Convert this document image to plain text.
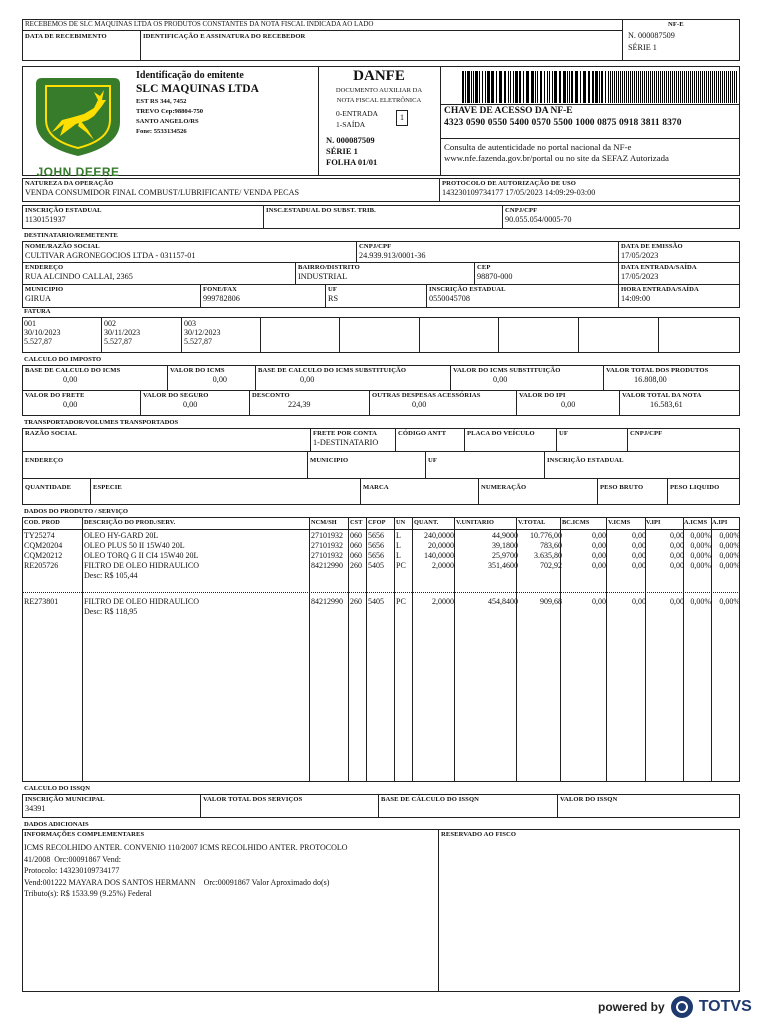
RECEBEMOS DE SLC MAQUINAS LTDA OS PRODUTOS CONSTANTES DA NOTA FISCAL INDICADA AO LADO
DATA DE RECEBIMENTO	IDENTIFICAÇÃO E ASSINATURA DO RECEBEDOR
NF-E
N. 000087509
SÉRIE 1
JOHN DEERE
Identificação do emitente
SLC MAQUINAS LTDA
EST RS 344, 7452
TREVO Cep:98804-750
SANTO ANGELO/RS
Fone: 5533134526
DANFE
DOCUMENTO AUXILIAR DA
NOTA FISCAL ELETRÔNICA
0-ENTRADA
1-SAÍDA
1
N. 000087509
SÉRIE 1
FOLHA 01/01
CHAVE DE ACESSO DA NF-E
4323 0590 0550 5400 0570 5500 1000 0875 0918 3811 8370
Consulta de autenticidade no portal nacional da NF-e
www.nfe.fazenda.gov.br/portal ou no site da SEFAZ Autorizada
NATUREZA DA OPERAÇÃO
VENDA CONSUMIDOR FINAL COMBUST/LUBRIFICANTE/ VENDA PECAS
PROTOCOLO DE AUTORIZAÇÃO DE USO
143230109734177 17/05/2023 14:09:29-03:00
INSCRIÇÃO ESTADUAL
1130151937
INSC.ESTADUAL DO SUBST. TRIB.	CNPJ/CPF
90.055.054/0005-70
DESTINATARIO/REMETENTE
NOME/RAZÃO SOCIAL
CULTIVAR AGRONEGOCIOS LTDA - 031157-01
CNPJ/CPF
24.939.913/0001-36
DATA DE EMISSÃO
17/05/2023
ENDEREÇO
RUA ALCINDO CALLAI, 2365
BAIRRO/DISTRITO
INDUSTRIAL
CEP
98870-000
DATA ENTRADA/SAÍDA
17/05/2023
MUNICIPIO
GIRUA
FONE/FAX
999782806
UF
RS
INSCRIÇÃO ESTADUAL
0550045708
HORA ENTRADA/SAÍDA
14:09:00
FATURA
001
30/10/2023
5.527,87
002
30/11/2023
5.527,87
003
30/12/2023
5.527,87
CALCULO DO IMPOSTO
BASE DE CALCULO DO ICMS
0,00
VALOR DO ICMS
0,00
BASE DE CALCULO DO ICMS SUBSTITUIÇÃO
0,00
VALOR DO ICMS SUBSTITUIÇÃO
0,00
VALOR TOTAL DOS PRODUTOS
16.808,00
VALOR DO FRETE
0,00
VALOR DO SEGURO
0,00
DESCONTO
224,39
OUTRAS DESPESAS ACESSÓRIAS
0,00
VALOR DO IPI
0,00
VALOR TOTAL DA NOTA
16.583,61
TRANSPORTADOR/VOLUMES TRANSPORTADOS
RAZÃO SOCIAL	FRETE POR CONTA
1-DESTINATARIO
CÓDIGO ANTT	PLACA DO VEÍCULO	UF	CNPJ/CPF
ENDEREÇO	MUNICIPIO	UF	INSCRIÇÃO ESTADUAL
QUANTIDADE	ESPECIE	MARCA	NUMERAÇÃO	PESO BRUTO	PESO LIQUIDO
DADOS DO PRODUTO / SERVIÇO
COD. PROD	DESCRIÇÃO DO PROD./SERV.	NCM/SH	CST CFOP	UN	QUANT.	V.UNITARIO	V.TOTAL	BC.ICMS	V.ICMS	V.IPI	A.ICMS A.IPI
TY25274	OLEO HY-GARD 20L	27101932 060 5656	L	240,0000	44,9000	10.776,00	0,00	0,00	0,00 0,00%	0,00%
CQM20204	OLEO PLUS 50 II 15W40 20L	27101932 060 5656	L	20,0000	39,1800	783,60	0,00	0,00	0,00 0,00%	0,00%
CQM20212	OLEO TORQ G II CI4 15W40 20L	27101932 060 5656	L	140,0000	25,9700	3.635,80	0,00	0,00	0,00 0,00%	0,00%
RE205726	FILTRO DE OLEO HIDRAULICO	84212990 260 5405	PC	2,0000	351,4600	702,92	0,00	0,00	0,00 0,00%	0,00%
Desc: R$ 105,44
RE273801	FILTRO DE OLEO HIDRAULICO	84212990 260 5405	PC	2,0000	454,8400	909,68	0,00	0,00	0,00 0,00%	0,00%
Desc: R$ 118,95
CALCULO DO ISSQN
INSCRIÇÃO MUNICIPAL
34391
VALOR TOTAL DOS SERVIÇOS	BASE DE CÁLCULO DO ISSQN	VALOR DO ISSQN
DADOS ADICIONAIS
INFORMAÇÕES COMPLEMENTARES	RESERVADO AO FISCO
ICMS RECOLHIDO ANTER. CONVENIO 110/2007 ICMS RECOLHIDO ANTER. PROTOCOLO
41/2008  Orc:00091867 Vend:
Protocolo: 143230109734177
Vend:001222 MAYARA DOS SANTOS HERMANN    Orc:00091867 Valor Aproximado do(s)
Tributo(s): R$ 1533.99 (9.25%) Federal
powered by TOTVS
